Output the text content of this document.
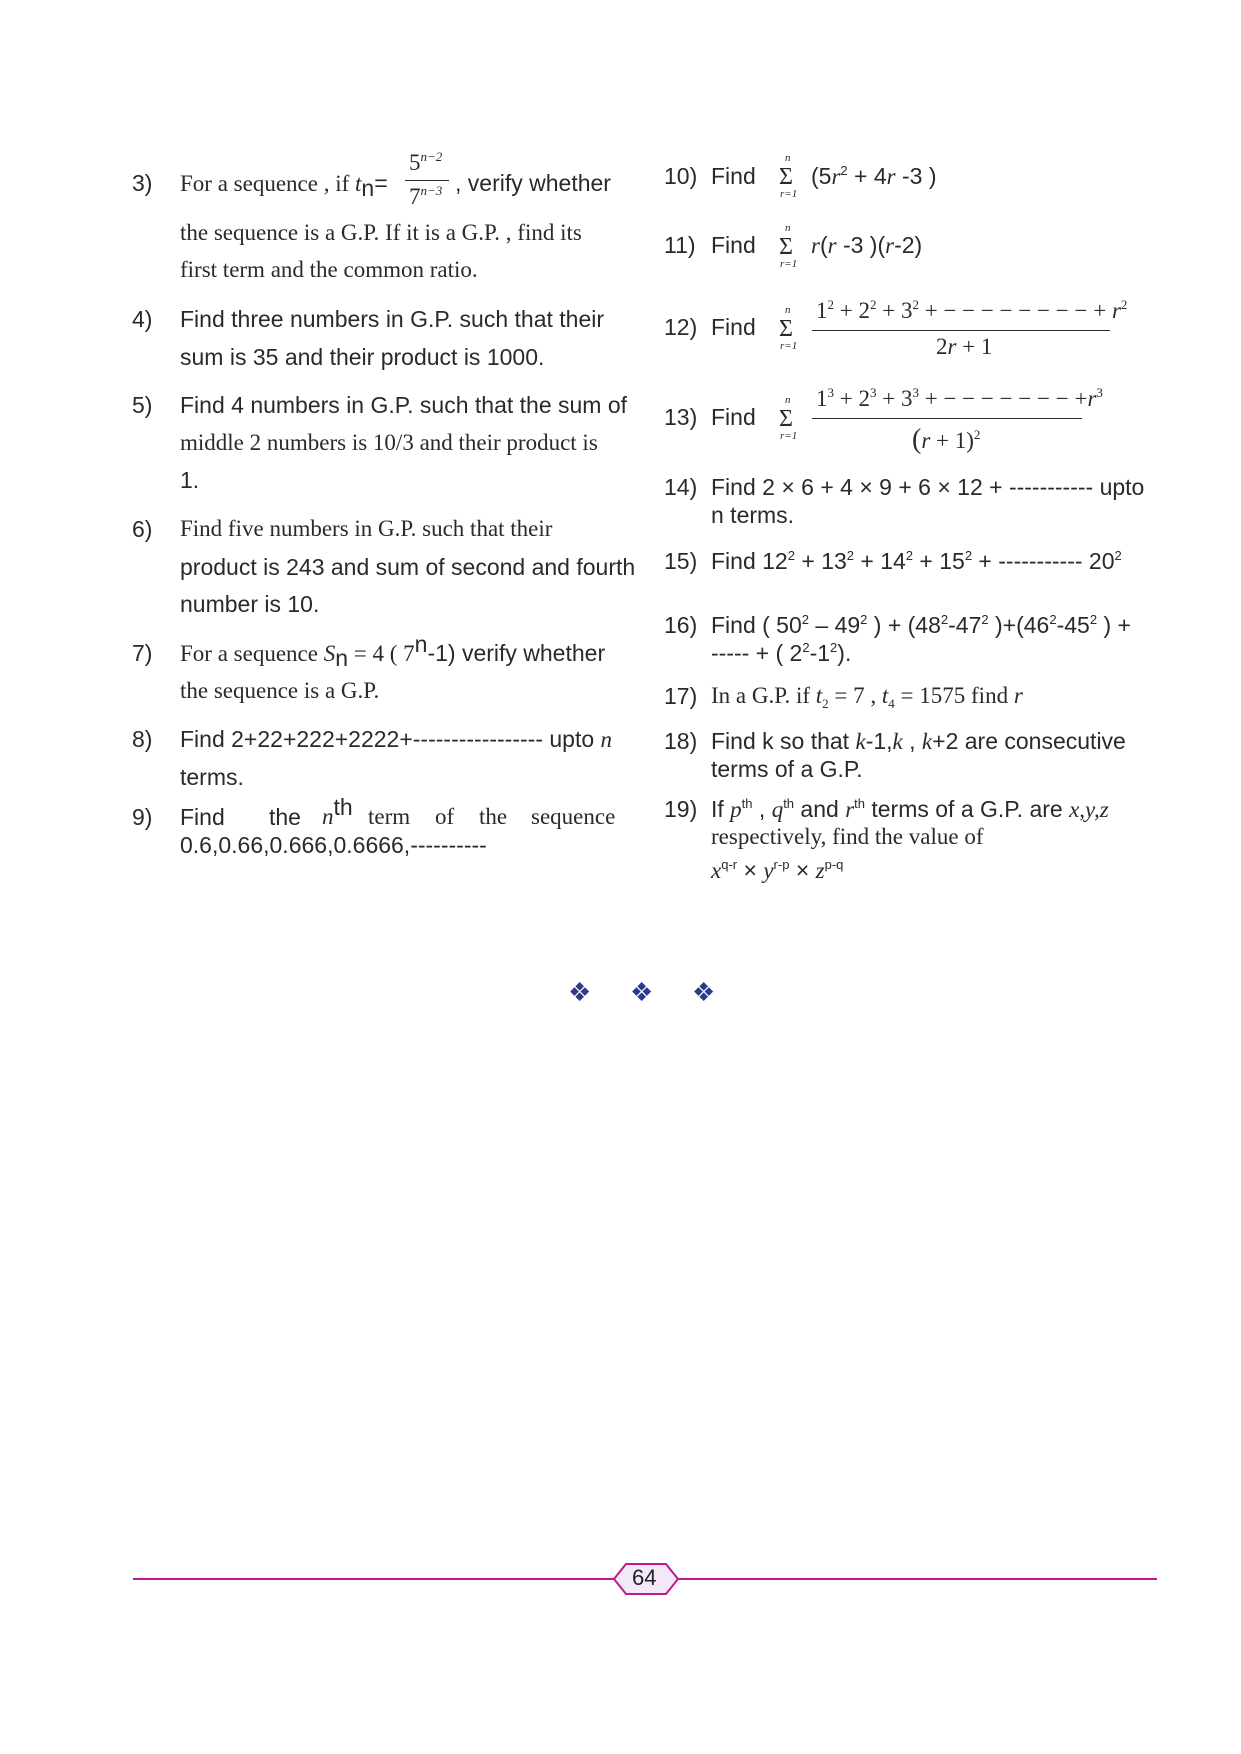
3) For a sequence , if $t_n=$
$5^{n-2}$
$7^{n-3}$ , verify whether
the sequence is a G.P. If it is a G.P. , find its
first term and the common ratio.
4) Find three numbers in G.P. such that their
sum is 35 and their product is 1000.
5) Find 4 numbers in G.P. such that the sum of
middle 2 numbers is 10/3 and their product is
1.
6) Find five numbers in G.P. such that their
product is 243 and sum of second and fourth
number is 10.
7) For a sequence $S_n = 4$ ( 7$^n$-1) verify whether
the sequence is a G.P.
8) Find 2+22+222+2222+----------------- upto n
terms.
9) Find the $n^{th}$ term of the sequence
0.6,0.66,0.666,0.6666,----------
10) Find
n
Σ
r=1
($5r^2 + 4r$ -3 )
11) Find
n
Σ
r=1
r(r -3 )(r-2)
12) Find
n
Σ
r=1
$1^2 + 2^2 + 3^2$ + − − − − − − − − + $r^2$
2r + 1
13) Find
n
Σ
r=1
$1^3 + 2^3 + 3^3$ + − − − − − − − $+r^3$
$(r + 1)^2$
14) Find 2 × 6 + 4 × 9 + 6 × 12 + ----------- upto
n terms.
15) Find $12^2 + 13^2 + 14^2 + 15^2$ + ----------- $20^2$
16) Find ( $50^2 - 49^2$ ) + ($48^2-47^2$ )$+(46^2-45^2$ ) +
----- + ( $2^2-1^2$).
17) In a G.P. if $t_2 = 7$ , $t_4 = 1575$ find r
18) Find k so that k-1,k , k+2 are consecutive
terms of a G.P.
19) If $p^{th}$ , $q^{th}$ and $r^{th}$ terms of a G.P. are x,y,z
respectively, find the value of
$x^{q-r} \times y^{r-p} \times z^{p-q}$
❖ ❖ ❖
64
